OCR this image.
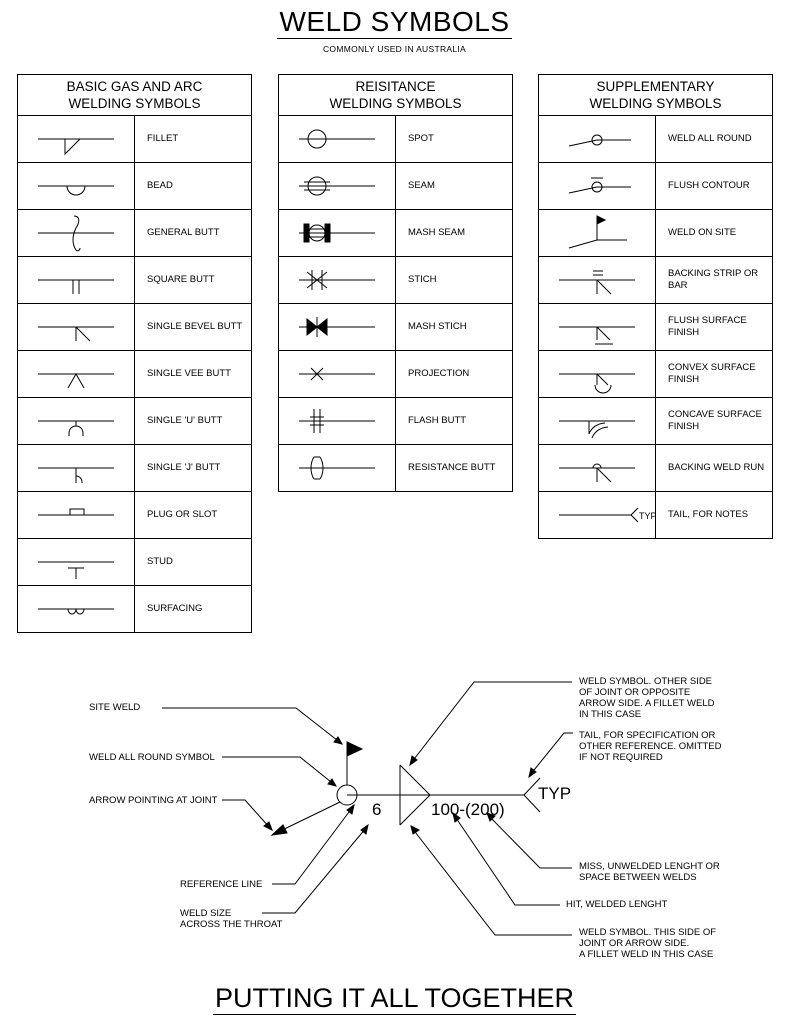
WELD SYMBOLS
COMMONLY USED IN AUSTRALIA
BASIC GAS AND ARC
WELDING SYMBOLS	

	FILLET

	BEAD

	GENERAL BUTT

	SQUARE BUTT

	SINGLE BEVEL BUTT

	SINGLE VEE BUTT

	SINGLE 'U' BUTT

	SINGLE 'J' BUTT

	PLUG OR SLOT

	STUD

	SURFACING
REISITANCE
WELDING SYMBOLS	

	SPOT

	SEAM

	MASH SEAM

	STICH

	MASH STICH

	PROJECTION

	FLASH BUTT

	RESISTANCE BUTT
SUPPLEMENTARY
WELDING SYMBOLS	

	WELD ALL ROUND

	FLUSH CONTOUR

	WELD ON SITE

	BACKING STRIP OR BAR

	FLUSH SURFACE FINISH

	CONVEX SURFACE FINISH

	CONCAVE SURFACE FINISH

	BACKING WELD RUN

TYP	TAIL, FOR NOTES
6	100-(200)
TYP
SITE WELD
WELD ALL ROUND SYMBOL
ARROW POINTING AT JOINT
REFERENCE LINE
WELD SIZE
ACROSS THE THROAT
WELD SYMBOL. OTHER SIDE
OF JOINT OR OPPOSITE
ARROW SIDE. A FILLET WELD
IN THIS CASE
TAIL, FOR SPECIFICATION OR
OTHER REFERENCE. OMITTED
IF NOT REQUIRED
MISS, UNWELDED LENGHT OR
SPACE BETWEEN WELDS
HIT, WELDED LENGHT
WELD SYMBOL. THIS SIDE OF
JOINT OR ARROW SIDE.
A FILLET WELD IN THIS CASE
PUTTING IT ALL TOGETHER
